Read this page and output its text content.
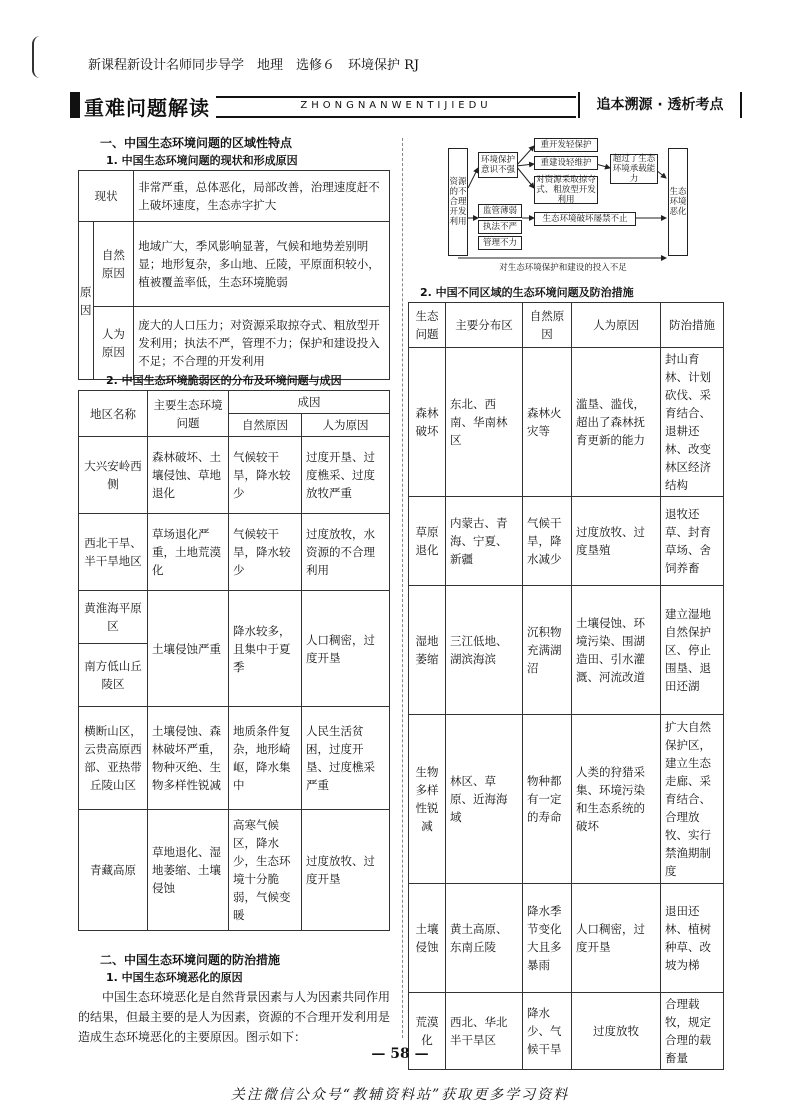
新课程新设计名师同步导学　地理　选修６　环境保护 RJ
重难问题解读	ZHONGNANWENTIJIEDU	追本溯源 · 透析考点
一、中国生态环境问题的区域性特点
1. 中国生态环境问题的现状和形成原因
现状		非常严重，总体恶化，局部改善，治理速度赶不上破坏速度，生态赤字扩大
原因	自然原因	地域广大，季风影响显著，气候和地势差别明显；地形复杂，多山地、丘陵，平原面积较小，植被覆盖率低，生态环境脆弱
	人为原因	庞大的人口压力；对资源采取掠夺式、粗放型开发利用；执法不严，管理不力；保护和建设投入不足；不合理的开发利用
2. 中国生态环境脆弱区的分布及环境问题与成因
地区名称	主要生态环境问题	成因	
		自然原因	人为原因
大兴安岭西侧	森林破坏、土壤侵蚀、草地退化	气候较干旱，降水较少	过度开垦、过度樵采、过度放牧严重
西北干旱、半干旱地区	草场退化严重，土地荒漠化	气候较干旱，降水较少	过度放牧，水资源的不合理利用
黄淮海平原区	土壤侵蚀严重	降水较多，且集中于夏季	人口稠密，过度开垦
南方低山丘陵区			
横断山区，云贵高原西部、亚热带丘陵山区	土壤侵蚀、森林破坏严重，物种灭绝、生物多样性锐减	地质条件复杂，地形崎岖，降水集中	人民生活贫困，过度开垦、过度樵采严重
青藏高原	草地退化、湿地萎缩、土壤侵蚀	高寒气候区，降水少，生态环境十分脆弱，气候变暖	过度放牧、过度开垦
二、中国生态环境问题的防治措施
1. 中国生态环境恶化的原因
中国生态环境恶化是自然背景因素与人为因素共同作用的结果，但最主要的是人为因素，资源的不合理开发利用是造成生态环境恶化的主要原因。图示如下：
资源的不合理开发利用
环境保护意识不强
重开发轻保护
重建设轻维护
对资源采取掠夺式、粗放型开发利用
超过了生态环境承载能力
监管薄弱
执法不严
管理不力
生态环境破坏屡禁不止
生态环境恶化
对生态环境保护和建设的投入不足
2. 中国不同区域的生态环境问题及防治措施
生态问题	主要分布区	自然原因	人为原因	防治措施
森林破坏	东北、西南、华南林区	森林火灾等	滥垦、滥伐，超出了森林抚育更新的能力	封山育林、计划砍伐、采育结合、退耕还林、改变林区经济结构
草原退化	内蒙古、青海、宁夏、新疆	气候干旱，降水减少	过度放牧、过度垦殖	退牧还草、封育草场、舍饲养畜
湿地萎缩	三江低地、湖滨海滨	沉积物充满湖沼	土壤侵蚀、环境污染、围湖造田、引水灌溉、河流改道	建立湿地自然保护区、停止围垦、退田还湖
生物多样性锐减	林区、草原、近海海域	物种都有一定的寿命	人类的狩猎采集、环境污染和生态系统的破坏	扩大自然保护区，建立生态走廊、采育结合、合理放牧、实行禁渔期制度
土壤侵蚀	黄土高原、东南丘陵	降水季节变化大且多暴雨	人口稠密，过度开垦	退田还林、植树种草、改坡为梯
荒漠化	西北、华北半干旱区	降水少、气候干旱	过度放牧	合理载牧，规定合理的载畜量
— 58 —
关注微信公众号“教辅资料站”获取更多学习资料
